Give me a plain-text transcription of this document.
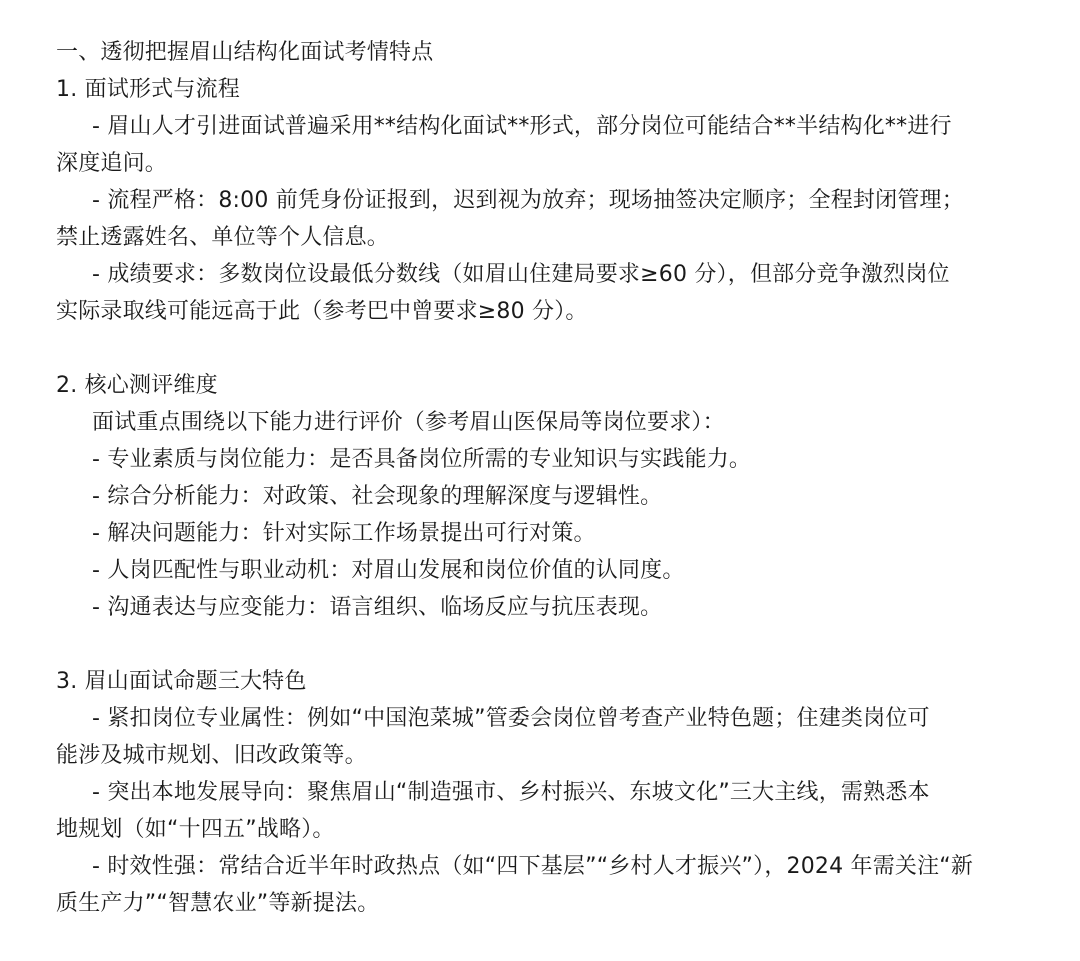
一、透彻把握眉山结构化面试考情特点
1. 面试形式与流程
- 眉山人才引进面试普遍采用**结构化面试**形式，部分岗位可能结合**半结构化**进行
深度追问。
- 流程严格：8:00 前凭身份证报到，迟到视为放弃；现场抽签决定顺序；全程封闭管理；
禁止透露姓名、单位等个人信息。
- 成绩要求：多数岗位设最低分数线（如眉山住建局要求≥60 分），但部分竞争激烈岗位
实际录取线可能远高于此（参考巴中曾要求≥80 分）。
2. 核心测评维度
面试重点围绕以下能力进行评价（参考眉山医保局等岗位要求）：
- 专业素质与岗位能力：是否具备岗位所需的专业知识与实践能力。
- 综合分析能力：对政策、社会现象的理解深度与逻辑性。
- 解决问题能力：针对实际工作场景提出可行对策。
- 人岗匹配性与职业动机：对眉山发展和岗位价值的认同度。
- 沟通表达与应变能力：语言组织、临场反应与抗压表现。
3. 眉山面试命题三大特色
- 紧扣岗位专业属性：例如“中国泡菜城”管委会岗位曾考查产业特色题；住建类岗位可
能涉及城市规划、旧改政策等。
- 突出本地发展导向：聚焦眉山“制造强市、乡村振兴、东坡文化”三大主线，需熟悉本
地规划（如“十四五”战略）。
- 时效性强：常结合近半年时政热点（如“四下基层”“乡村人才振兴”），2024 年需关注“新
质生产力”“智慧农业”等新提法。
